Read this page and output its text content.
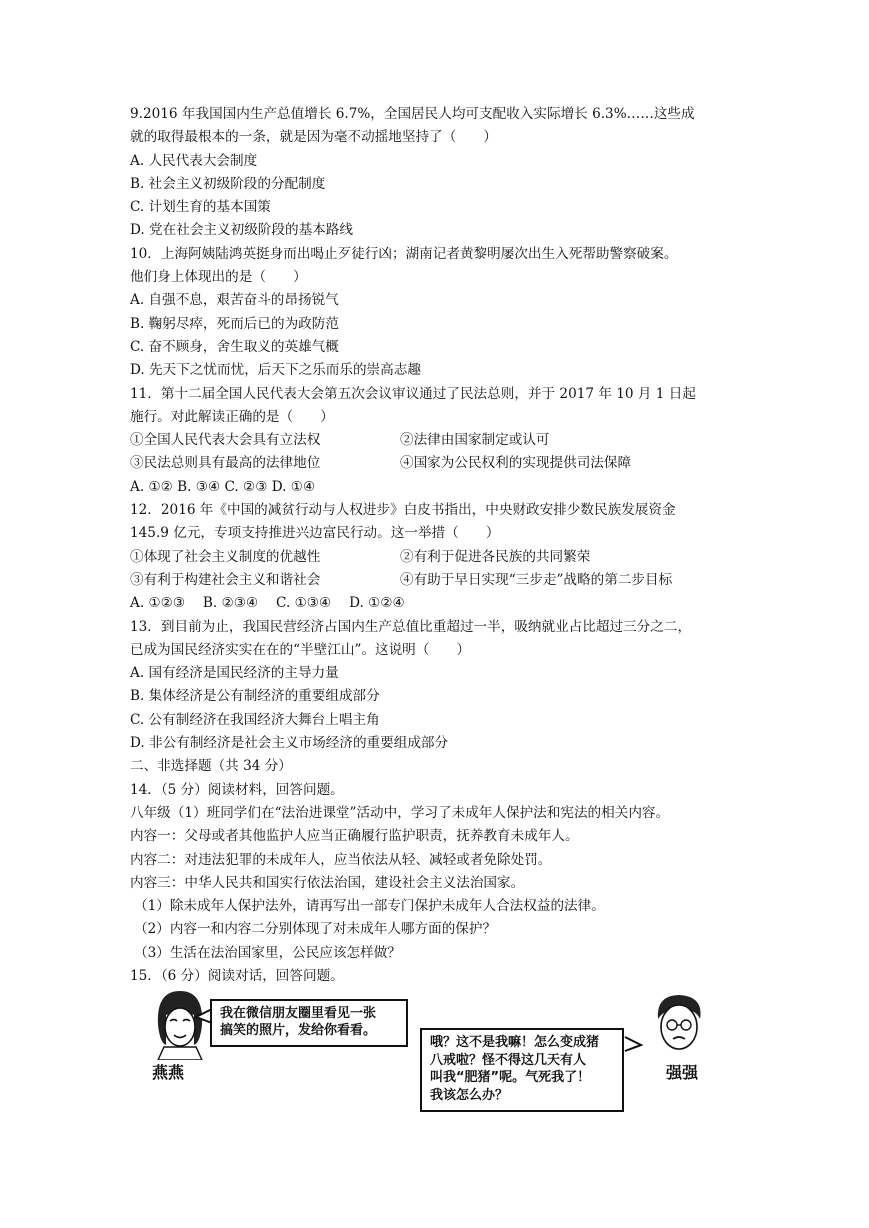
9.2016 年我国国内生产总值增长 6.7%，全国居民人均可支配收入实际增长 6.3%……这些成
就的取得最根本的一条，就是因为毫不动摇地坚持了（　　）
A. 人民代表大会制度
B. 社会主义初级阶段的分配制度
C. 计划生育的基本国策
D. 党在社会主义初级阶段的基本路线
10．上海阿姨陆鸿英挺身而出喝止歹徒行凶；湖南记者黄黎明屡次出生入死帮助警察破案。
他们身上体现出的是（　　）
A. 自强不息，艰苦奋斗的昂扬锐气
B. 鞠躬尽瘁，死而后已的为政防范
C. 奋不顾身，舍生取义的英雄气概
D. 先天下之忧而忧，后天下之乐而乐的崇高志趣
11．第十二届全国人民代表大会第五次会议审议通过了民法总则，并于 2017 年 10 月 1 日起
施行。对此解读正确的是（　　）
①全国人民代表大会具有立法权	②法律由国家制定或认可
③民法总则具有最高的法律地位	④国家为公民权利的实现提供司法保障
A. ①② B. ③④ C. ②③ D. ①④
12．2016 年《中国的减贫行动与人权进步》白皮书指出，中央财政安排少数民族发展资金
145.9 亿元，专项支持推进兴边富民行动。这一举措（　　）
①体现了社会主义制度的优越性	②有利于促进各民族的共同繁荣
③有利于构建社会主义和谐社会	④有助于早日实现“三步走”战略的第二步目标
A. ①②③　 B. ②③④　 C. ①③④　 D. ①②④
13．到目前为止，我国民营经济占国内生产总值比重超过一半，吸纳就业占比超过三分之二，
已成为国民经济实实在在的“半壁江山”。这说明（　　）
A. 国有经济是国民经济的主导力量
B. 集体经济是公有制经济的重要组成部分
C. 公有制经济在我国经济大舞台上唱主角
D. 非公有制经济是社会主义市场经济的重要组成部分
二、非选择题（共 34 分）
14．（5 分）阅读材料，回答问题。
八年级（1）班同学们在“法治进课堂”活动中，学习了未成年人保护法和宪法的相关内容。
内容一：父母或者其他监护人应当正确履行监护职责，抚养教育未成年人。
内容二：对违法犯罪的未成年人，应当依法从轻、减轻或者免除处罚。
内容三：中华人民共和国实行依法治国，建设社会主义法治国家。
（1）除未成年人保护法外，请再写出一部专门保护未成年人合法权益的法律。
（2）内容一和内容二分别体现了对未成年人哪方面的保护？
（3）生活在法治国家里，公民应该怎样做？
15．（6 分）阅读对话，回答问题。
我在微信朋友圈里看见一张
搞笑的照片，发给你看看。
燕燕
哦？这不是我嘛！怎么变成猪
八戒啦？怪不得这几天有人
叫我“肥猪”呢。气死我了！
我该怎么办？
强强
